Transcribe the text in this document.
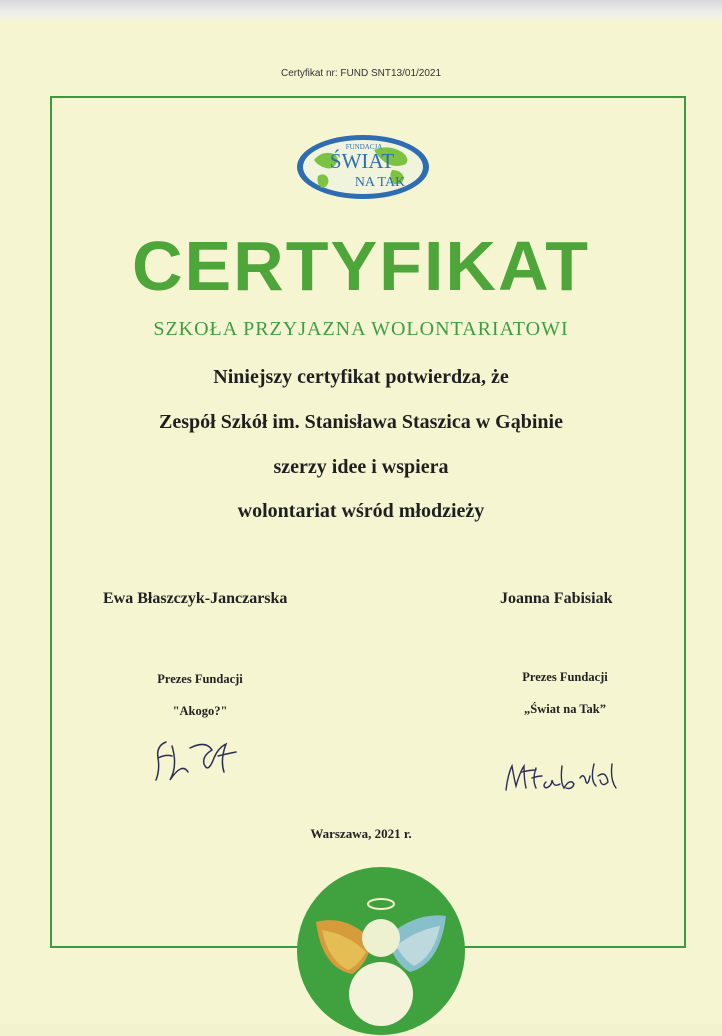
Certyfikat nr: FUND SNT13/01/2021
FUNDACJA
ŚWIAT
NA TAK
CERTYFIKAT
SZKOŁA PRZYJAZNA WOLONTARIATOWI
Niniejszy certyfikat potwierdza, że
Zespół Szkół im. Stanisława Staszica w Gąbinie
szerzy idee i wspiera
wolontariat wśród młodzieży
Ewa Błaszczyk-Janczarska
Prezes Fundacji
"Akogo?"
EBJ
Joanna Fabisiak
Prezes Fundacji
„Świat na Tak”
JFabisiak
Warszawa, 2021 r.
